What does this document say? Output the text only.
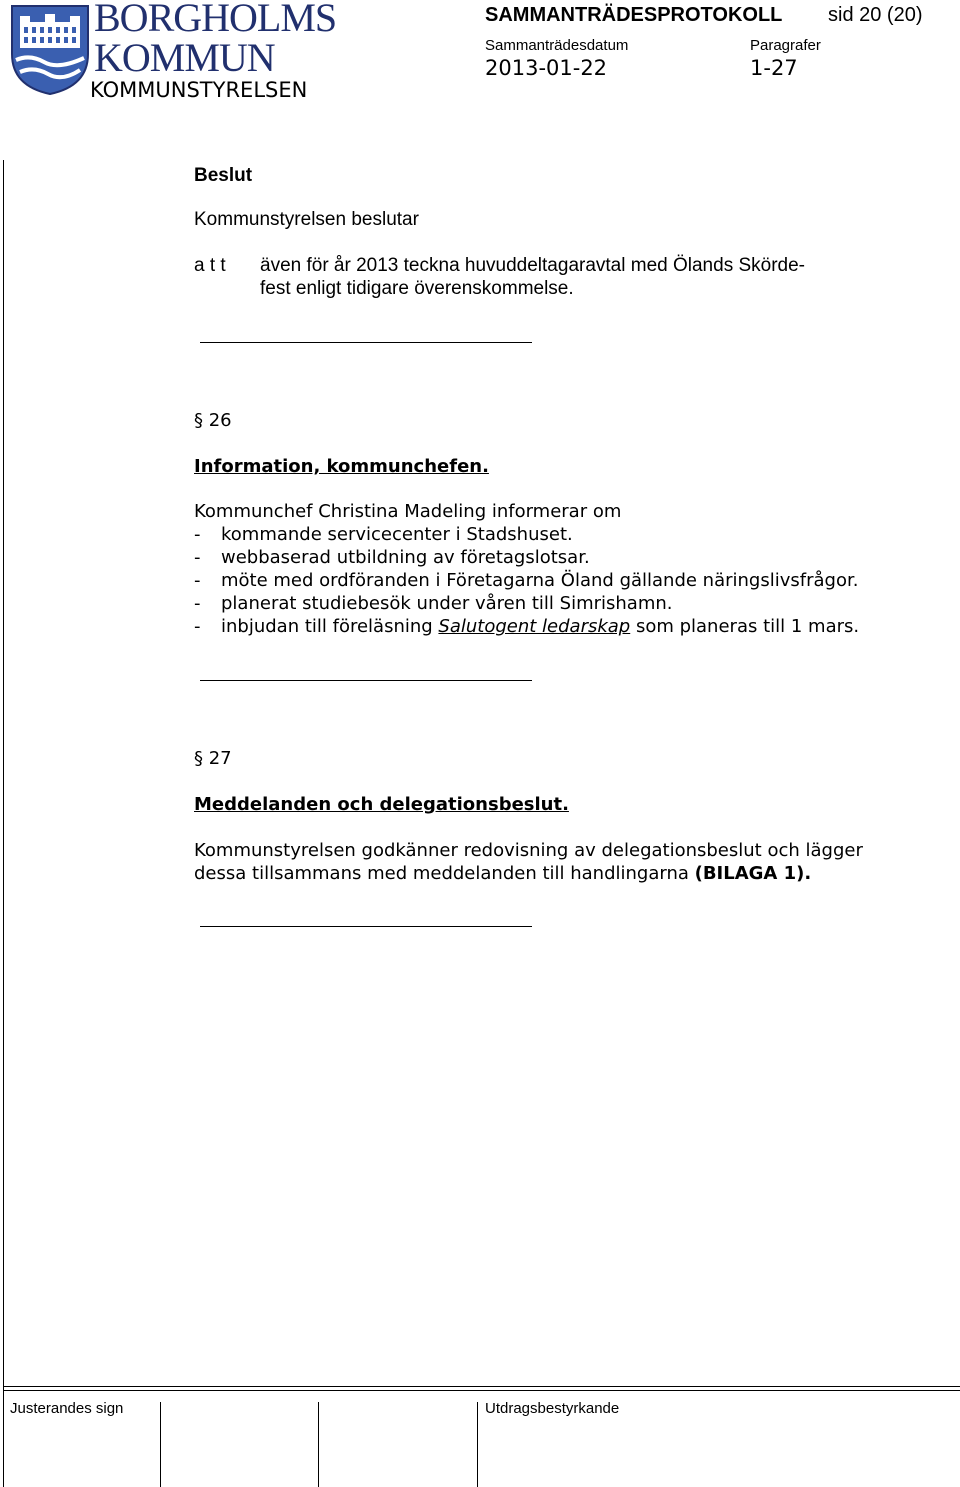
BORGHOLMS
KOMMUN
KOMMUNSTYRELSEN
SAMMANTRÄDESPROTOKOLL sid 20 (20)
Sammanträdesdatum	Paragrafer
2013-01-22	1-27
Justerandes sign	Utdragsbestyrkande
Beslut
Kommunstyrelsen beslutar
a t t även för år 2013 teckna huvuddeltagaravtal med Ölands Skörde-
fest enligt tidigare överenskommelse.
§ 26
Information, kommunchefen.
Kommunchef Christina Madeling informerar om
- kommande servicecenter i Stadshuset.
- webbaserad utbildning av företagslotsar.
- möte med ordföranden i Företagarna Öland gällande näringslivsfrågor.
- planerat studiebesök under våren till Simrishamn.
- inbjudan till föreläsning Salutogent ledarskap som planeras till 1 mars.
§ 27
Meddelanden och delegationsbeslut.
Kommunstyrelsen godkänner redovisning av delegationsbeslut och lägger
dessa tillsammans med meddelanden till handlingarna (BILAGA 1).
